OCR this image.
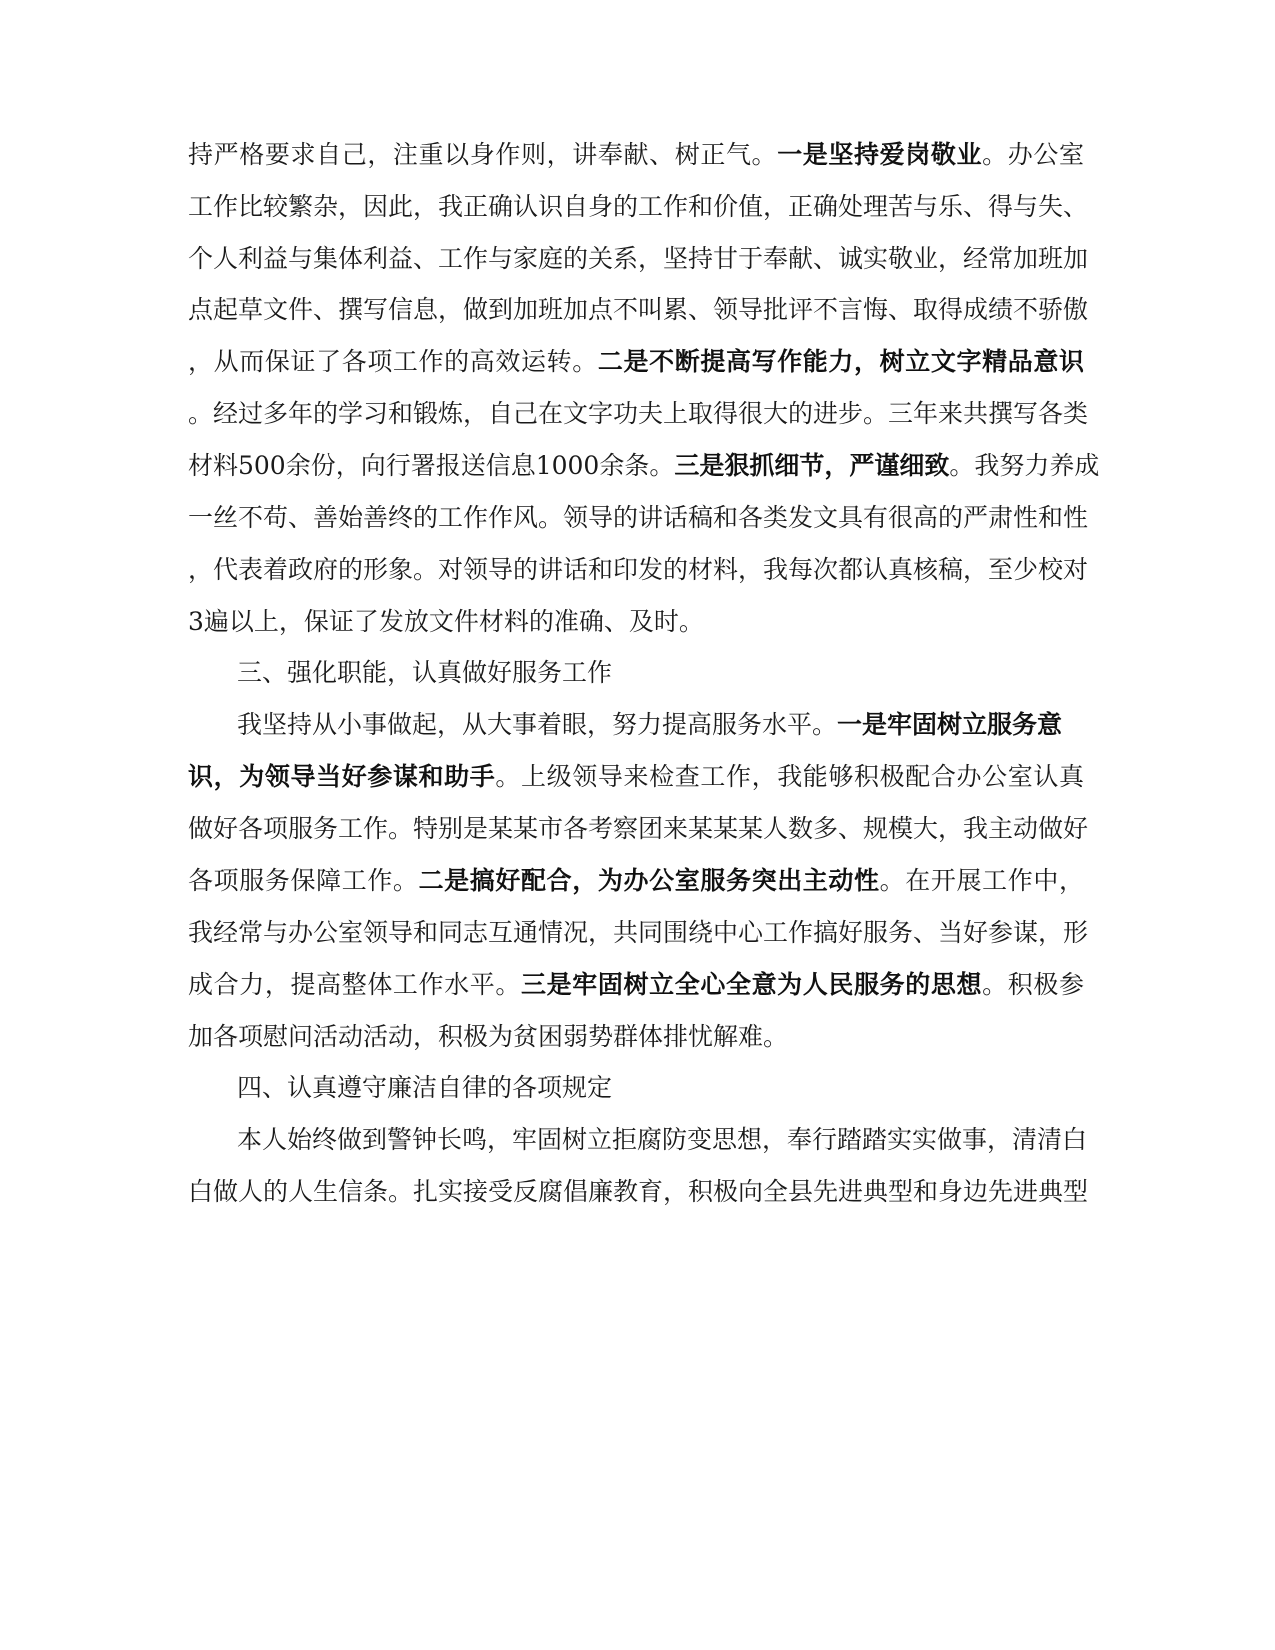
持严格要求自己，注重以身作则，讲奉献、树正气。一是坚持爱岗敬业。办公室

工作比较繁杂，因此，我正确认识自身的工作和价值，正确处理苦与乐、得与失、

个人利益与集体利益、工作与家庭的关系，坚持甘于奉献、诚实敬业，经常加班加

点起草文件、撰写信息，做到加班加点不叫累、领导批评不言悔、取得成绩不骄傲

，从而保证了各项工作的高效运转。二是不断提高写作能力，树立文字精品意识

。经过多年的学习和锻炼，自己在文字功夫上取得很大的进步。三年来共撰写各类

材料500余份，向行署报送信息1000余条。三是狠抓细节，严谨细致。我努力养成

一丝不苟、善始善终的工作作风。领导的讲话稿和各类发文具有很高的严肃性和性

，代表着政府的形象。对领导的讲话和印发的材料，我每次都认真核稿，至少校对

3遍以上，保证了发放文件材料的准确、及时。

三、强化职能，认真做好服务工作

我坚持从小事做起，从大事着眼，努力提高服务水平。一是牢固树立服务意

识，为领导当好参谋和助手。上级领导来检查工作，我能够积极配合办公室认真

做好各项服务工作。特别是某某市各考察团来某某某人数多、规模大，我主动做好

各项服务保障工作。二是搞好配合，为办公室服务突出主动性。在开展工作中，

我经常与办公室领导和同志互通情况，共同围绕中心工作搞好服务、当好参谋，形

成合力，提高整体工作水平。三是牢固树立全心全意为人民服务的思想。积极参

加各项慰问活动活动，积极为贫困弱势群体排忧解难。

四、认真遵守廉洁自律的各项规定

本人始终做到警钟长鸣，牢固树立拒腐防变思想，奉行踏踏实实做事，清清白

白做人的人生信条。扎实接受反腐倡廉教育，积极向全县先进典型和身边先进典型
